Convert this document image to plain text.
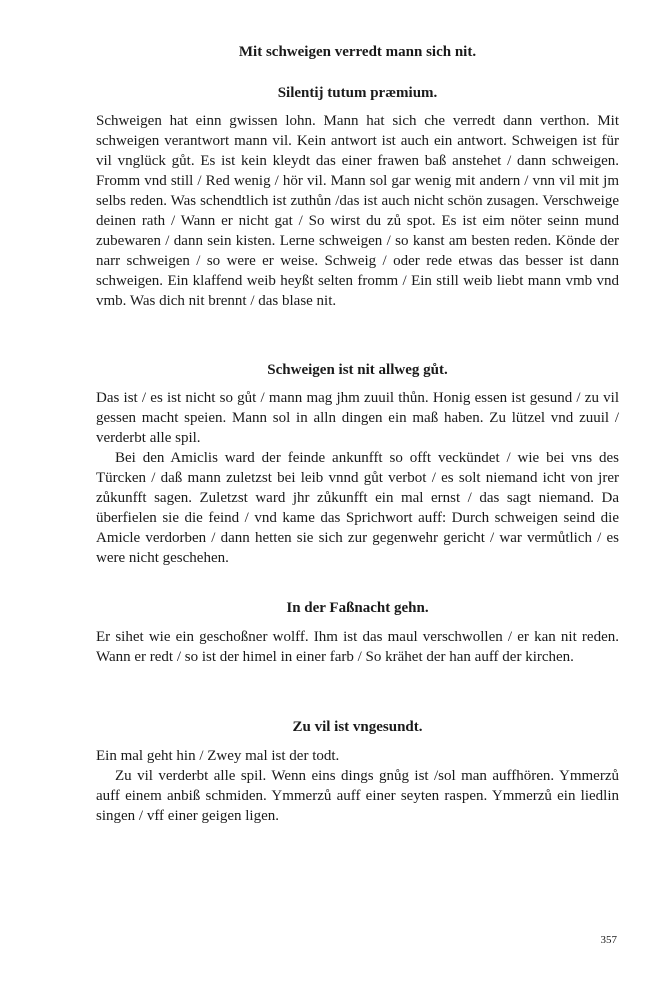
Mit schweigen verredt mann sich nit.
Silentij tutum præmium.
Schweigen hat einn gwissen lohn. Mann hat sich che verredt dann verthon. Mit schweigen verantwort mann vil. Kein antwort ist auch ein antwort. Schweigen ist für vil vnglück gůt. Es ist kein kleydt das einer frawen baß anstehet / dann schweigen. Fromm vnd still / Red wenig / hör vil. Mann sol gar wenig mit andern / vnn vil mit jm selbs reden. Was schendtlich ist zuthůn /das ist auch nicht schön zusagen. Verschweige deinen rath / Wann er nicht gat / So wirst du zů spot. Es ist eim nöter seinn mund zubewaren / dann sein kisten. Lerne schweigen / so kanst am besten reden. Könde der narr schweigen / so were er weise. Schweig / oder rede etwas das besser ist dann schweigen. Ein klaffend weib heyßt selten fromm / Ein still weib liebt mann vmb vnd vmb. Was dich nit brennt / das blase nit.
Schweigen ist nit allweg gůt.
Das ist / es ist nicht so gůt / mann mag jhm zuuil thůn. Honig essen ist gesund / zu vil gessen macht speien. Mann sol in alln dingen ein maß haben. Zu lützel vnd zuuil / verderbt alle spil.
Bei den Amiclis ward der feinde ankunfft so offt veckündet / wie bei vns des Türcken / daß mann zuletzst bei leib vnnd gůt verbot / es solt niemand icht von jrer zůkunfft sagen. Zuletzst ward jhr zůkunfft ein mal ernst / das sagt niemand. Da überfielen sie die feind / vnd kame das Sprichwort auff: Durch schweigen seind die Amicle verdorben / dann hetten sie sich zur gegenwehr gericht / war vermůtlich / es were nicht geschehen.
In der Faßnacht gehn.
Er sihet wie ein geschoßner wolff. Ihm ist das maul verschwollen / er kan nit reden. Wann er redt / so ist der himel in einer farb / So krähet der han auff der kirchen.
Zu vil ist vngesundt.
Ein mal geht hin / Zwey mal ist der todt.
Zu vil verderbt alle spil. Wenn eins dings gnůg ist /sol man auffhören. Ymmerzů auff einem anbiß schmiden. Ymmerzů auff einer seyten raspen. Ymmerzů ein liedlin singen / vff einer geigen ligen.
357
